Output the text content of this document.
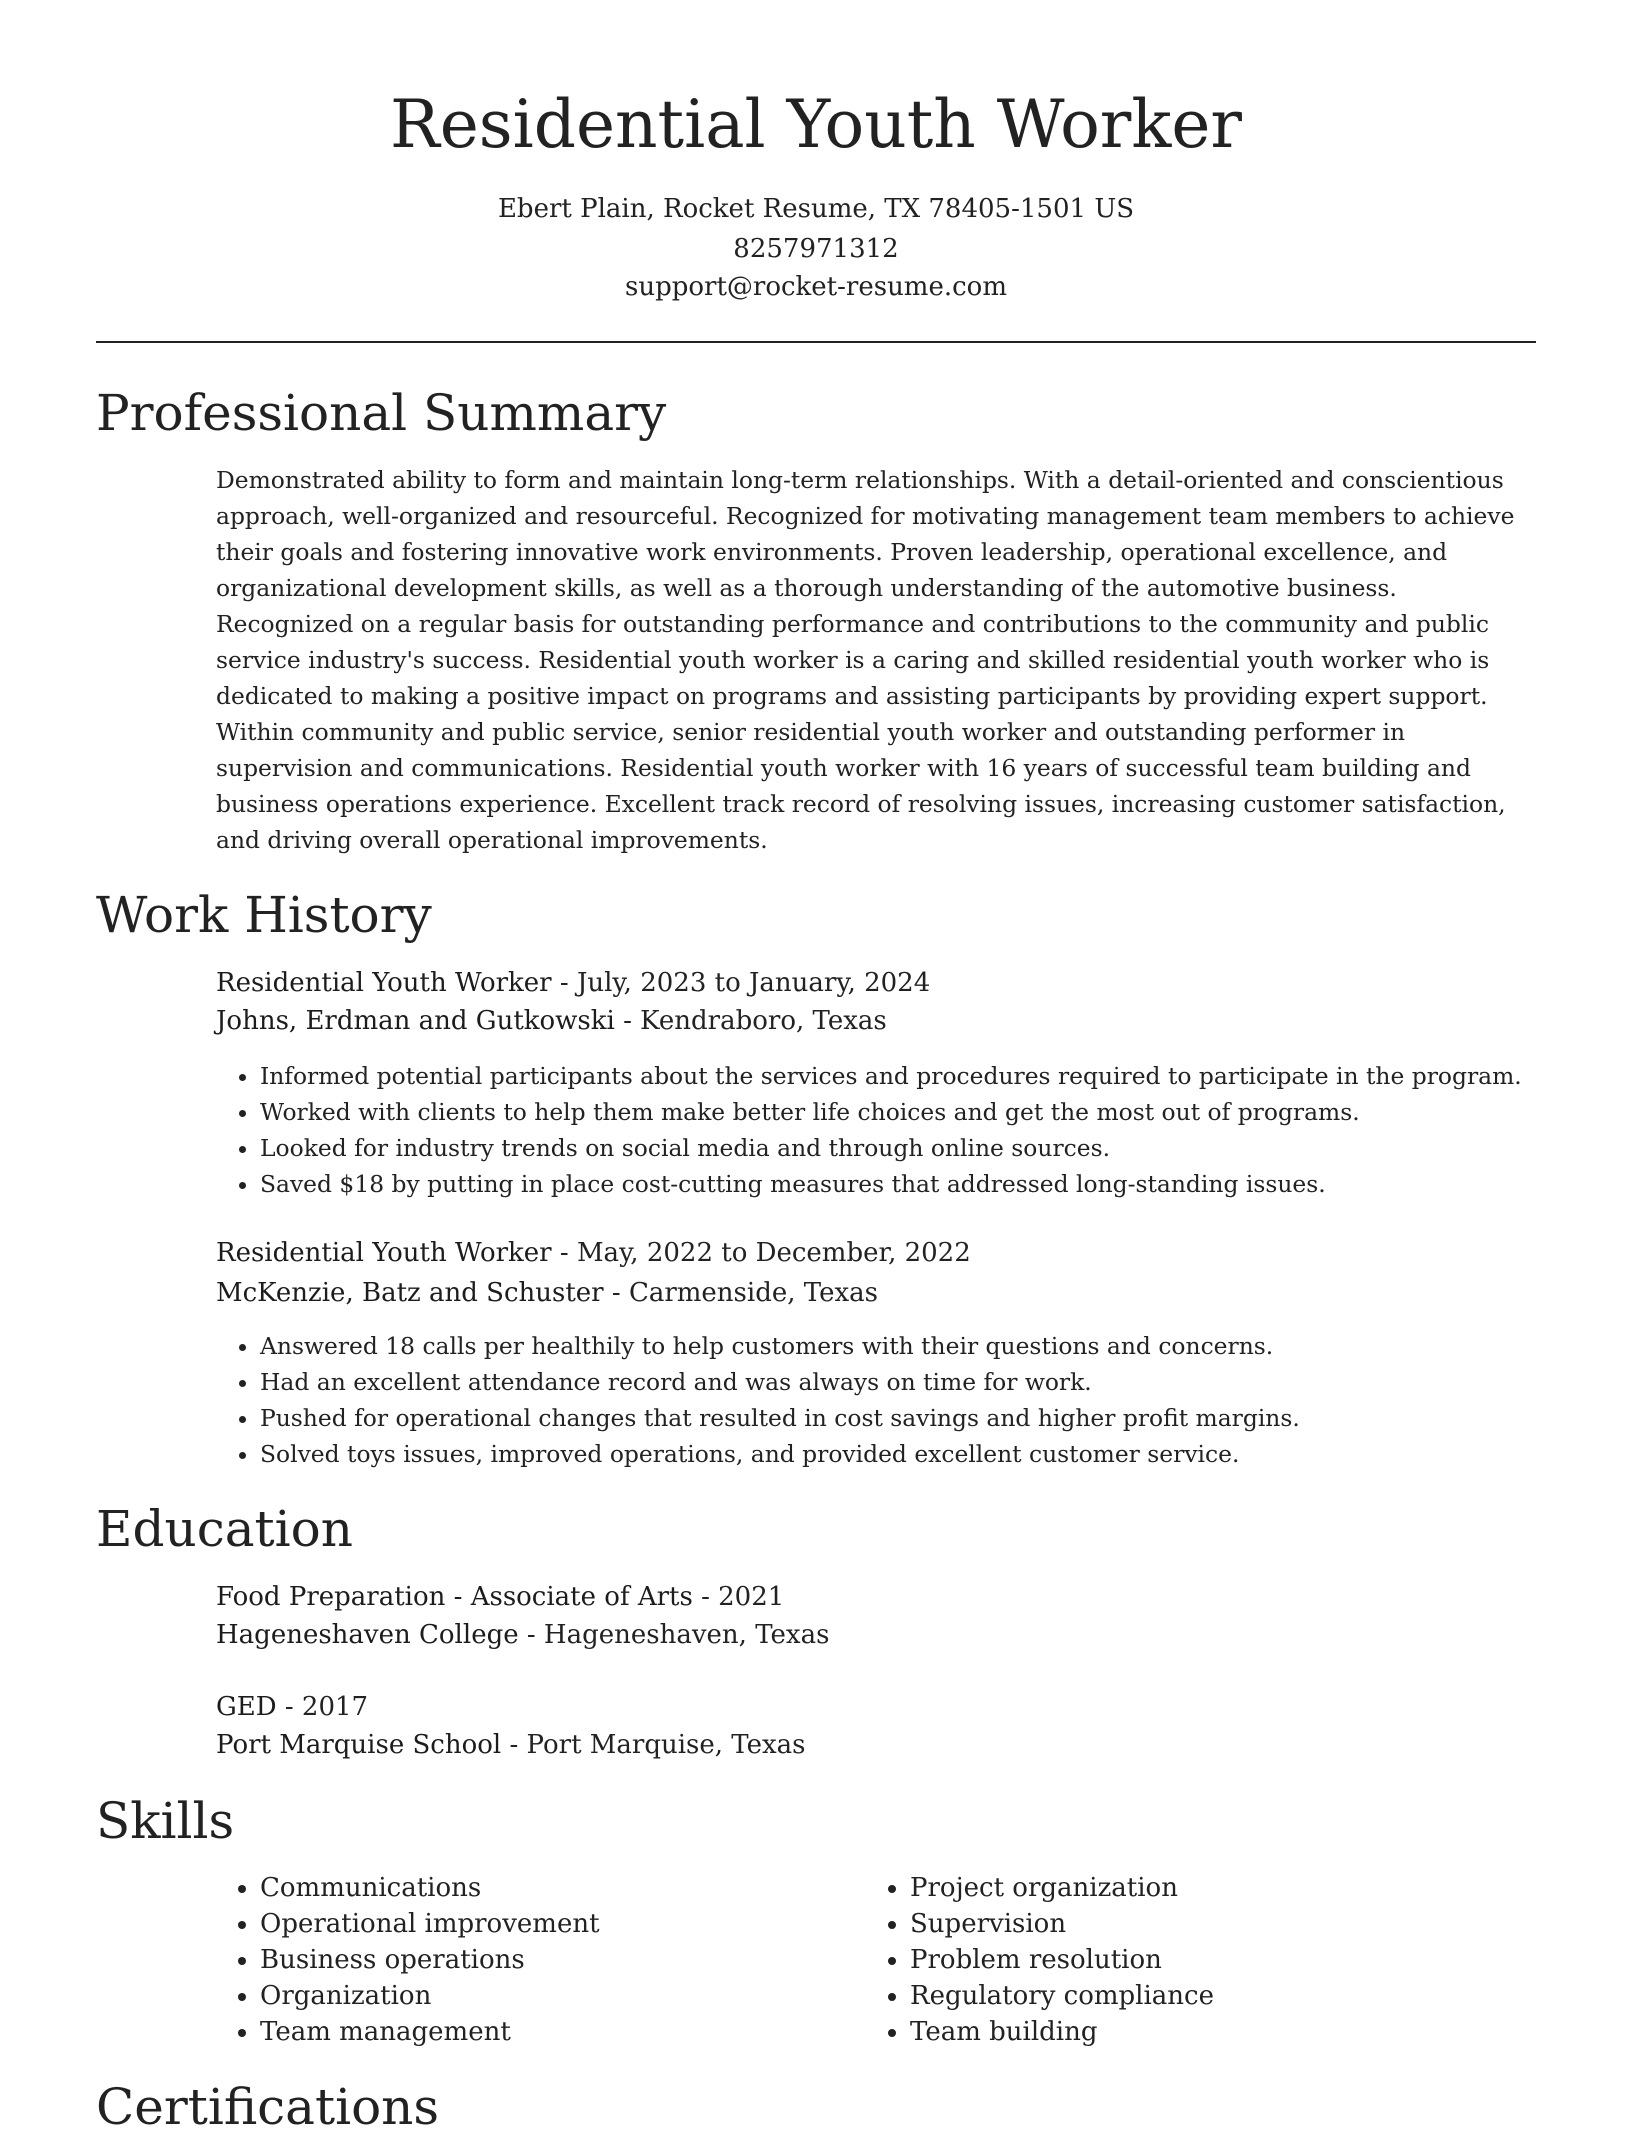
Residential Youth Worker
Ebert Plain, Rocket Resume, TX 78405-1501 US
8257971312
support@rocket-resume.com
Professional Summary

Demonstrated ability to form and maintain long-term relationships. With a detail-oriented and conscientious approach, well-organized and resourceful. Recognized for motivating management team members to achieve their goals and fostering innovative work environments. Proven leadership, operational excellence, and organizational development skills, as well as a thorough understanding of the automotive business. Recognized on a regular basis for outstanding performance and contributions to the community and public service industry's success. Residential youth worker is a caring and skilled residential youth worker who is dedicated to making a positive impact on programs and assisting participants by providing expert support. Within community and public service, senior residential youth worker and outstanding performer in supervision and communications. Residential youth worker with 16 years of successful team building and business operations experience. Excellent track record of resolving issues, increasing customer satisfaction, and driving overall operational improvements.

Work History
Residential Youth Worker - July, 2023 to January, 2024
Johns, Erdman and Gutkowski - Kendraboro, Texas
• Informed potential participants about the services and procedures required to participate in the program.
• Worked with clients to help them make better life choices and get the most out of programs.
• Looked for industry trends on social media and through online sources.
• Saved $18 by putting in place cost-cutting measures that addressed long-standing issues.
Residential Youth Worker - May, 2022 to December, 2022
McKenzie, Batz and Schuster - Carmenside, Texas
• Answered 18 calls per healthily to help customers with their questions and concerns.
• Had an excellent attendance record and was always on time for work.
• Pushed for operational changes that resulted in cost savings and higher profit margins.
• Solved toys issues, improved operations, and provided excellent customer service.
Education
Food Preparation - Associate of Arts - 2021
Hageneshaven College - Hageneshaven, Texas
GED - 2017
Port Marquise School - Port Marquise, Texas
Skills
• Communications
• Operational improvement
• Business operations
• Organization
• Team management
• Project organization
• Supervision
• Problem resolution
• Regulatory compliance
• Team building
Certifications
